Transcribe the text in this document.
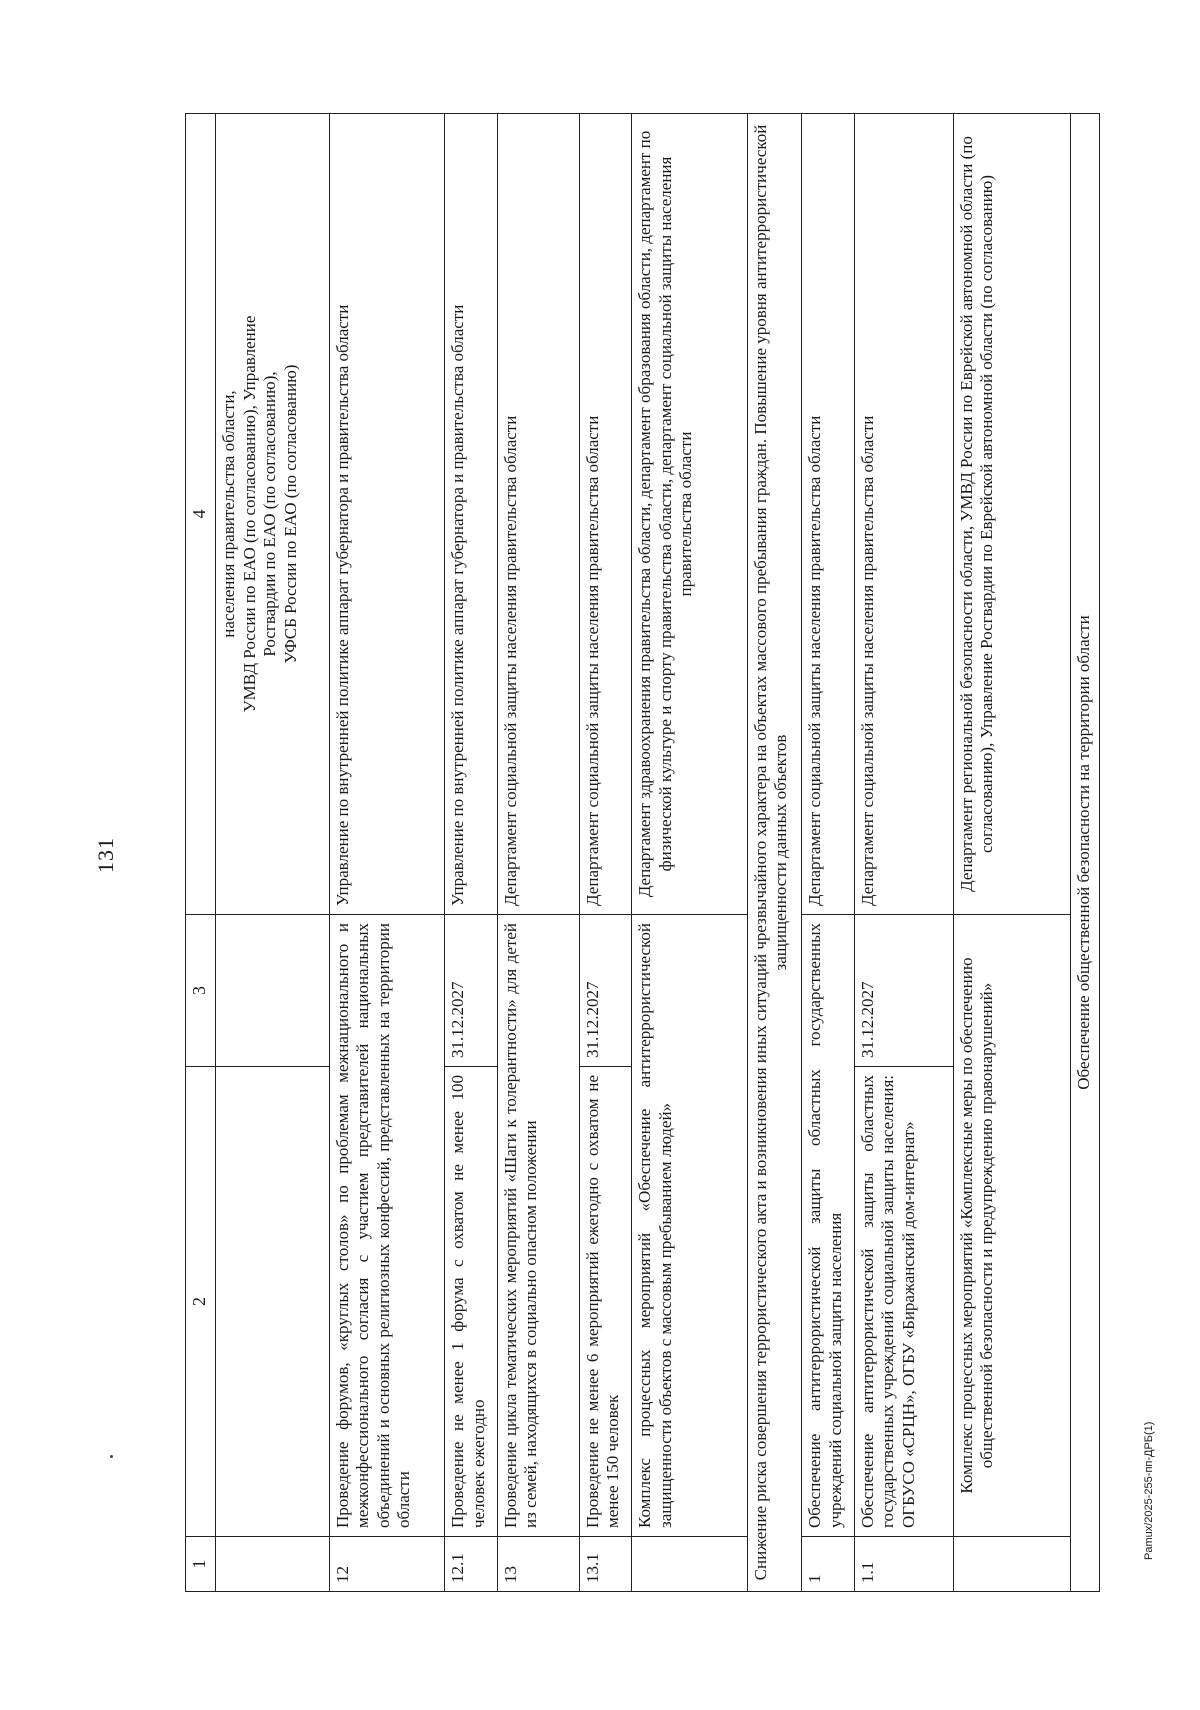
131
1	2	3	4

			населения правительства области, УМВД России по ЕАО (по согласованию), Управление Росгвардии по ЕАО (по согласованию), УФСБ России по ЕАО (по согласованию)

12	Проведение форумов, «круглых столов» по проблемам межнационального и межконфессионального согласия с участием представителей национальных объединений и основных религиозных конфессий, представленных на территории области		Управление по внутренней политике аппарат губернатора и правительства области
12.1	Проведение не менее 1 форума с охватом не менее 100 человек ежегодно	31.12.2027	Управление по внутренней политике аппарат губернатора и правительства области
13	Проведение цикла тематических мероприятий «Шаги к толерантности» для детей из семей, находящихся в социально опасном положении		Департамент социальной защиты населения правительства области
13.1	Проведение не менее 6 мероприятий ежегодно с охватом не менее 150 человек	31.12.2027	Департамент социальной защиты населения правительства области
	Комплекс процессных мероприятий «Обеспечение антитеррористической защищенности объектов с массовым пребыванием людей»		Департамент здравоохранения правительства области, департамент образования области, департамент по физической культуре и спорту правительства области, департамент социальной защиты населения правительства области
Снижение риска совершения террористического акта и возникновения иных ситуаций чрезвычайного характера на объектах массового пребывания граждан. Повышение уровня антитеррористической защищенности данных объектов			
1	Обеспечение антитеррористической защиты областных государственных учреждений социальной защиты населения		Департамент социальной защиты населения правительства области
1.1	Обеспечение антитеррористической защиты областных государственных учреждений социальной защиты населения: ОГБУСО «СРЦН», ОГБУ «Биражанский дом-интернат»	31.12.2027	Департамент социальной защиты населения правительства области
	Комплекс процессных мероприятий «Комплексные меры по обеспечению общественной безопасности и предупреждению правонарушений»		Департамент региональной безопасности области, УМВД России по Еврейской автономной области (по согласованию), Управление Росгвардии по Еврейской автономной области (по согласованию)
Обеспечение общественной безопасности на территории области			
Pamux/2025-255-пп-ДРБ(1)
